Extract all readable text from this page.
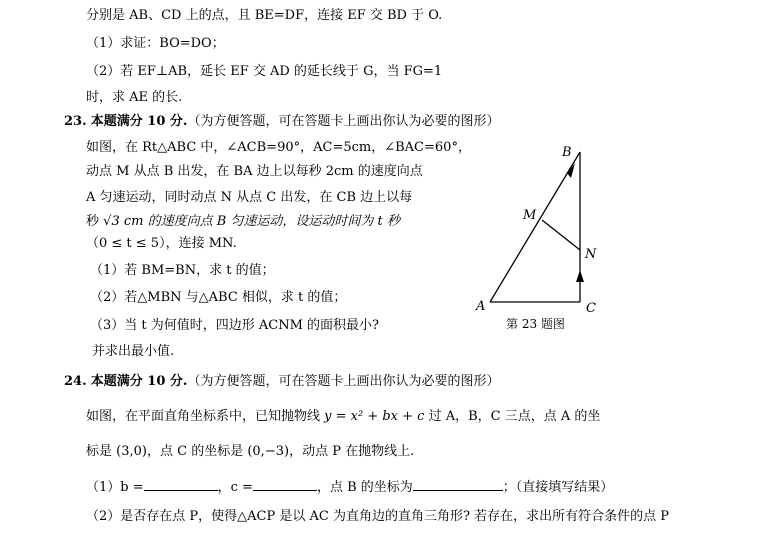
分别是 AB、CD 上的点，且 BE=DF，连接 EF 交 BD 于 O.
（1）求证：BO=DO；
（2）若 EF⊥AB，延长 EF 交 AD 的延长线于 G，当 FG=1
时，求 AE 的长.
23. 本题满分 10 分.（为方便答题，可在答题卡上画出你认为必要的图形）
如图，在 Rt△ABC 中，∠ACB=90°，AC=5cm，∠BAC=60°，
动点 M 从点 B 出发，在 BA 边上以每秒 2cm 的速度向点
A 匀速运动，同时动点 N 从点 C 出发，在 CB 边上以每
秒 √3 cm 的速度向点 B 匀速运动，设运动时间为 t 秒
（0 ≤ t ≤ 5），连接 MN.
（1）若 BM=BN，求 t 的值；
（2）若△MBN 与△ABC 相似，求 t 的值；
（3）当 t 为何值时，四边形 ACNM 的面积最小?
并求出最小值.
24. 本题满分 10 分.（为方便答题，可在答题卡上画出你认为必要的图形）
如图，在平面直角坐标系中，已知抛物线 y = x² + bx + c 过 A，B，C 三点，点 A 的坐
标是 (3,0)，点 C 的坐标是 (0,−3)，动点 P 在抛物线上.
（1）b =	，c =	，点 B 的坐标为	；（直接填写结果）
（2）是否存在点 P，使得△ACP 是以 AC 为直角边的直角三角形? 若存在，求出所有符合条件的点 P
B
M
N
A	C
第 23 题图
